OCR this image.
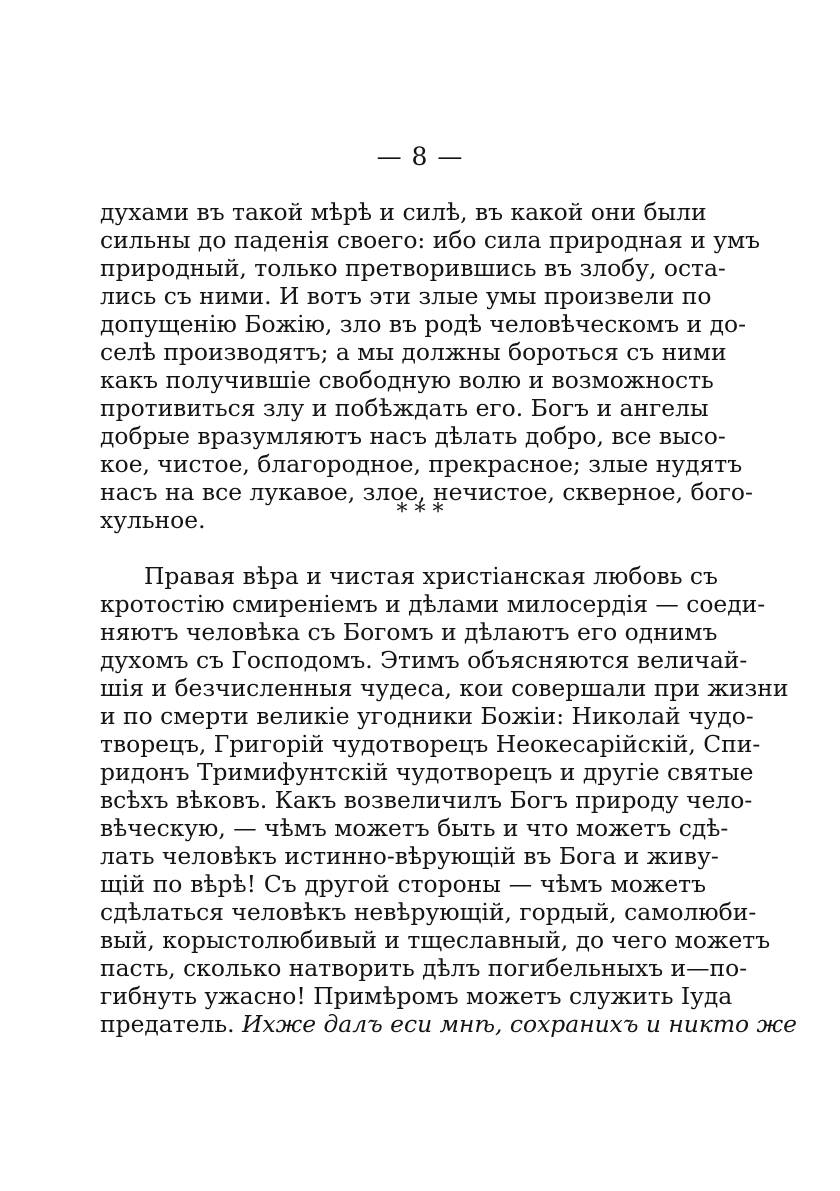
— 8 —
духами въ такой мѣрѣ и силѣ, въ какой они были
сильны до паденія своего: ибо сила природная и умъ
природный, только претворившись въ злобу, оста-
лись съ ними. И вотъ эти злые умы произвели по
допущенію Божію, зло въ родѣ человѣческомъ и до-
селѣ производятъ; а мы должны бороться съ ними
какъ получившіе свободную волю и возможность
противиться злу и побѣждать его. Богъ и ангелы
добрые вразумляютъ насъ дѣлать добро, все высо-
кое, чистое, благородное, прекрасное; злые нудятъ
насъ на все лукавое, злое, нечистое, скверное, бого-
хульное.	* * *
Правая вѣра и чистая христіанская любовь съ
кротостію смиреніемъ и дѣлами милосердія — соеди-
няютъ человѣка съ Богомъ и дѣлаютъ его однимъ
духомъ съ Господомъ. Этимъ объясняются величай-
шія и безчисленныя чудеса, кои совершали при жизни
и по смерти великіе угодники Божіи: Николай чудо-
творецъ, Григорій чудотворецъ Неокесарійскій, Спи-
ридонъ Тримифунтскій чудотворецъ и другіе святые
всѣхъ вѣковъ. Какъ возвеличилъ Богъ природу чело-
вѣческую, — чѣмъ можетъ быть и что можетъ сдѣ-
лать человѣкъ истинно-вѣрующій въ Бога и живу-
щій по вѣрѣ! Съ другой стороны — чѣмъ можетъ
сдѣлаться человѣкъ невѣрующій, гордый, самолюби-
вый, корыстолюбивый и тщеславный, до чего можетъ
пасть, сколько натворить дѣлъ погибельныхъ и—по-
гибнуть ужасно! Примѣромъ можетъ служить Іуда
предатель. Ихже далъ еси мнѣ, сохранихъ и никто же
